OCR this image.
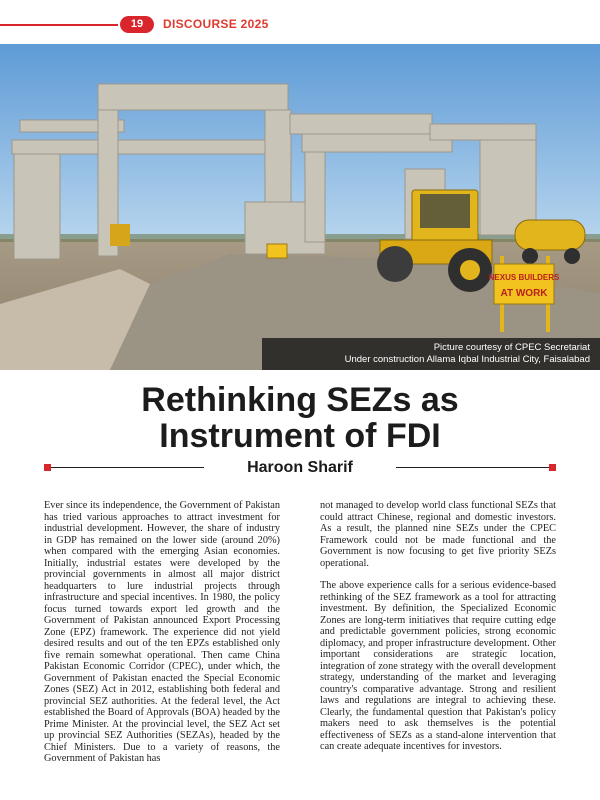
19	DISCOURSE 2025
NEXUS BUILDERS
AT WORK
Picture courtesy of CPEC Secretariat
Under construction Allama Iqbal Industrial City, Faisalabad
Rethinking SEZs as
Instrument of FDI
Haroon Sharif

Ever since its independence, the Government of Pakistan has tried various approaches to attract investment for industrial development. However, the share of industry in GDP has remained on the lower side (around 20%) when compared with the emerging Asian economies. Initially, industrial estates were developed by the provincial governments in almost all major district headquarters to lure industrial projects through infrastructure and special incentives. In 1980, the policy focus turned towards export led growth and the Government of Pakistan announced Export Processing Zone (EPZ) framework. The experience did not yield desired results and out of the ten EPZs established only five remain somewhat operational. Then came China Pakistan Economic Corridor (CPEC), under which, the Government of Pakistan enacted the Special Economic Zones (SEZ) Act in 2012, establishing both federal and provincial SEZ authorities. At the federal level, the Act established the Board of Approvals (BOA) headed by the Prime Minister. At the provincial level, the SEZ Act set up provincial SEZ Authorities (SEZAs), headed by the Chief Ministers. Due to a variety of reasons, the Government of Pakistan has

not managed to develop world class functional SEZs that could attract Chinese, regional and domestic investors. As a result, the planned nine SEZs under the CPEC Framework could not be made functional and the Government is now focusing to get five priority SEZs operational.

The above experience calls for a serious evidence-based rethinking of the SEZ framework as a tool for attracting investment. By definition, the Specialized Economic Zones are long-term initiatives that require cutting edge and predictable government policies, strong economic diplomacy, and proper infrastructure development. Other important considerations are strategic location, integration of zone strategy with the overall development strategy, understanding of the market and leveraging country's comparative advantage. Strong and resilient laws and regulations are integral to achieving these. Clearly, the fundamental question that Pakistan's policy makers need to ask themselves is the potential effectiveness of SEZs as a stand-alone intervention that can create adequate incentives for investors.
